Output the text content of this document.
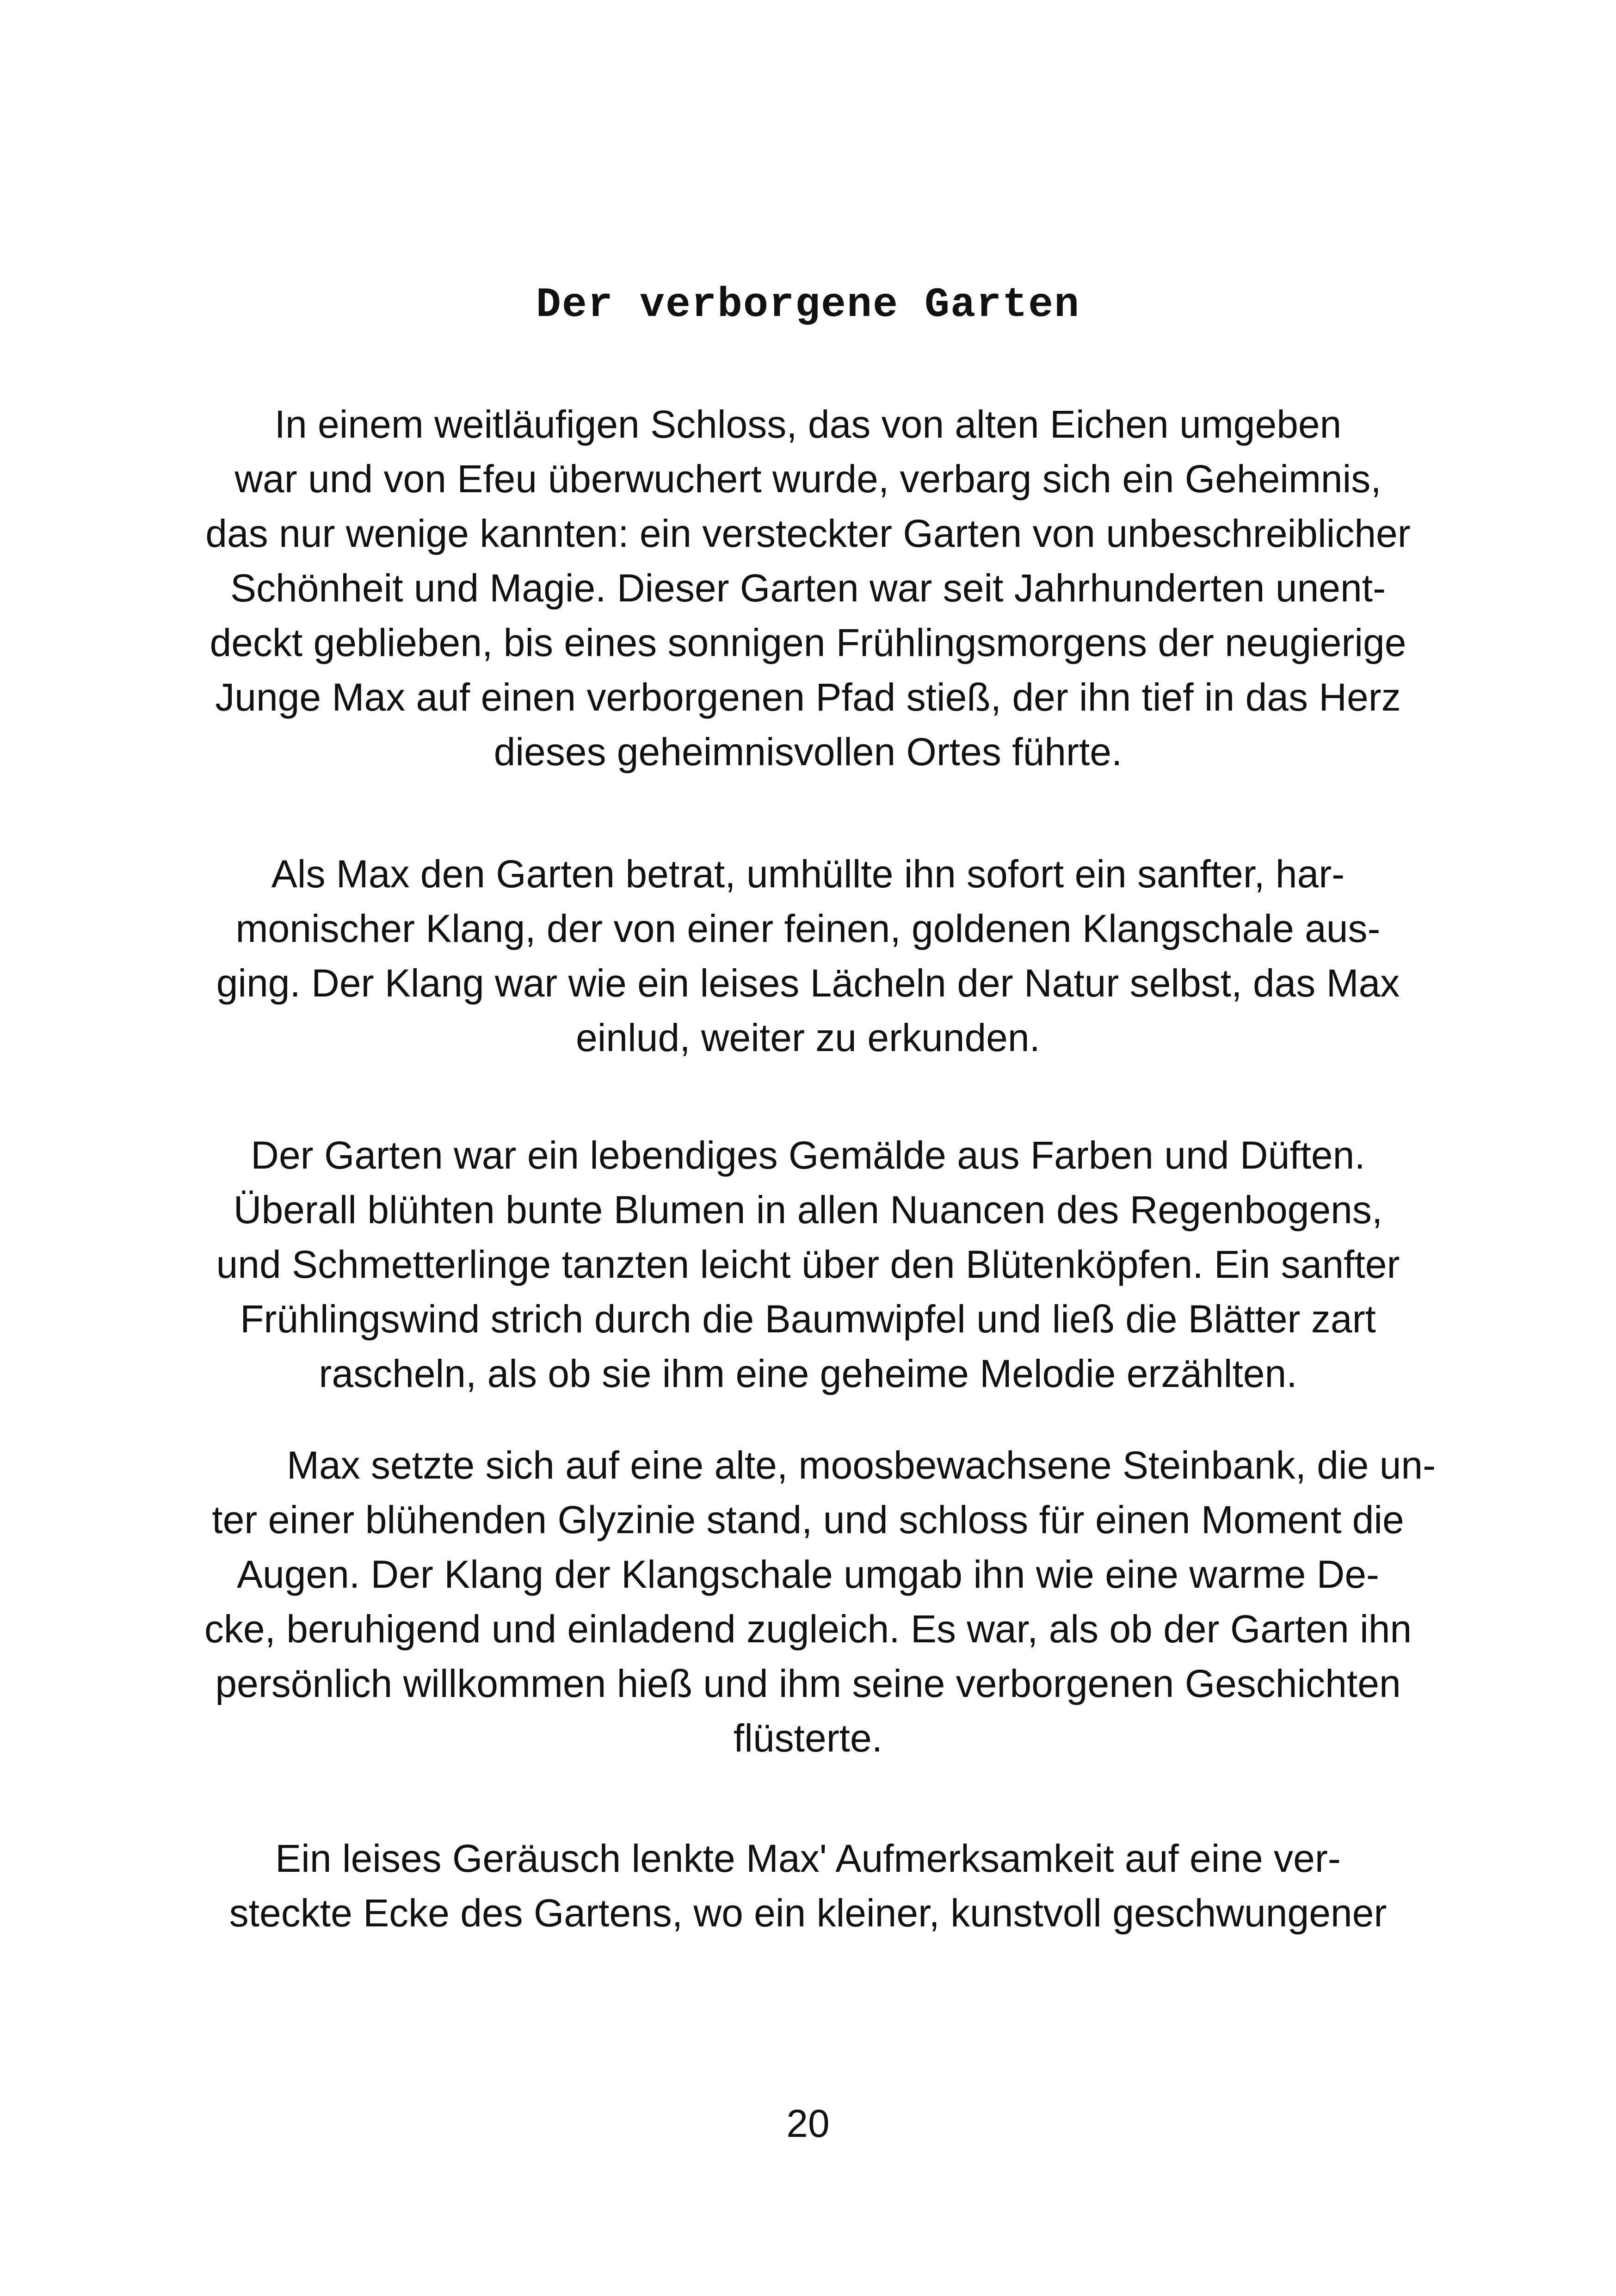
Der verborgene Garten
In einem weitläufigen Schloss, das von alten Eichen umgeben
war und von Efeu überwuchert wurde, verbarg sich ein Geheimnis,
das nur wenige kannten: ein versteckter Garten von unbeschreiblicher
Schönheit und Magie. Dieser Garten war seit Jahrhunderten unent-
deckt geblieben, bis eines sonnigen Frühlingsmorgens der neugierige
Junge Max auf einen verborgenen Pfad stieß, der ihn tief in das Herz
dieses geheimnisvollen Ortes führte.
Als Max den Garten betrat, umhüllte ihn sofort ein sanfter, har-
monischer Klang, der von einer feinen, goldenen Klangschale aus-
ging. Der Klang war wie ein leises Lächeln der Natur selbst, das Max
einlud, weiter zu erkunden.
Der Garten war ein lebendiges Gemälde aus Farben und Düften.
Überall blühten bunte Blumen in allen Nuancen des Regenbogens,
und Schmetterlinge tanzten leicht über den Blütenköpfen. Ein sanfter
Frühlingswind strich durch die Baumwipfel und ließ die Blätter zart
rascheln, als ob sie ihm eine geheime Melodie erzählten.
Max setzte sich auf eine alte, moosbewachsene Steinbank, die un-
ter einer blühenden Glyzinie stand, und schloss für einen Moment die
Augen. Der Klang der Klangschale umgab ihn wie eine warme De-
cke, beruhigend und einladend zugleich. Es war, als ob der Garten ihn
persönlich willkommen hieß und ihm seine verborgenen Geschichten
flüsterte.
Ein leises Geräusch lenkte Max' Aufmerksamkeit auf eine ver-
steckte Ecke des Gartens, wo ein kleiner, kunstvoll geschwungener
20
